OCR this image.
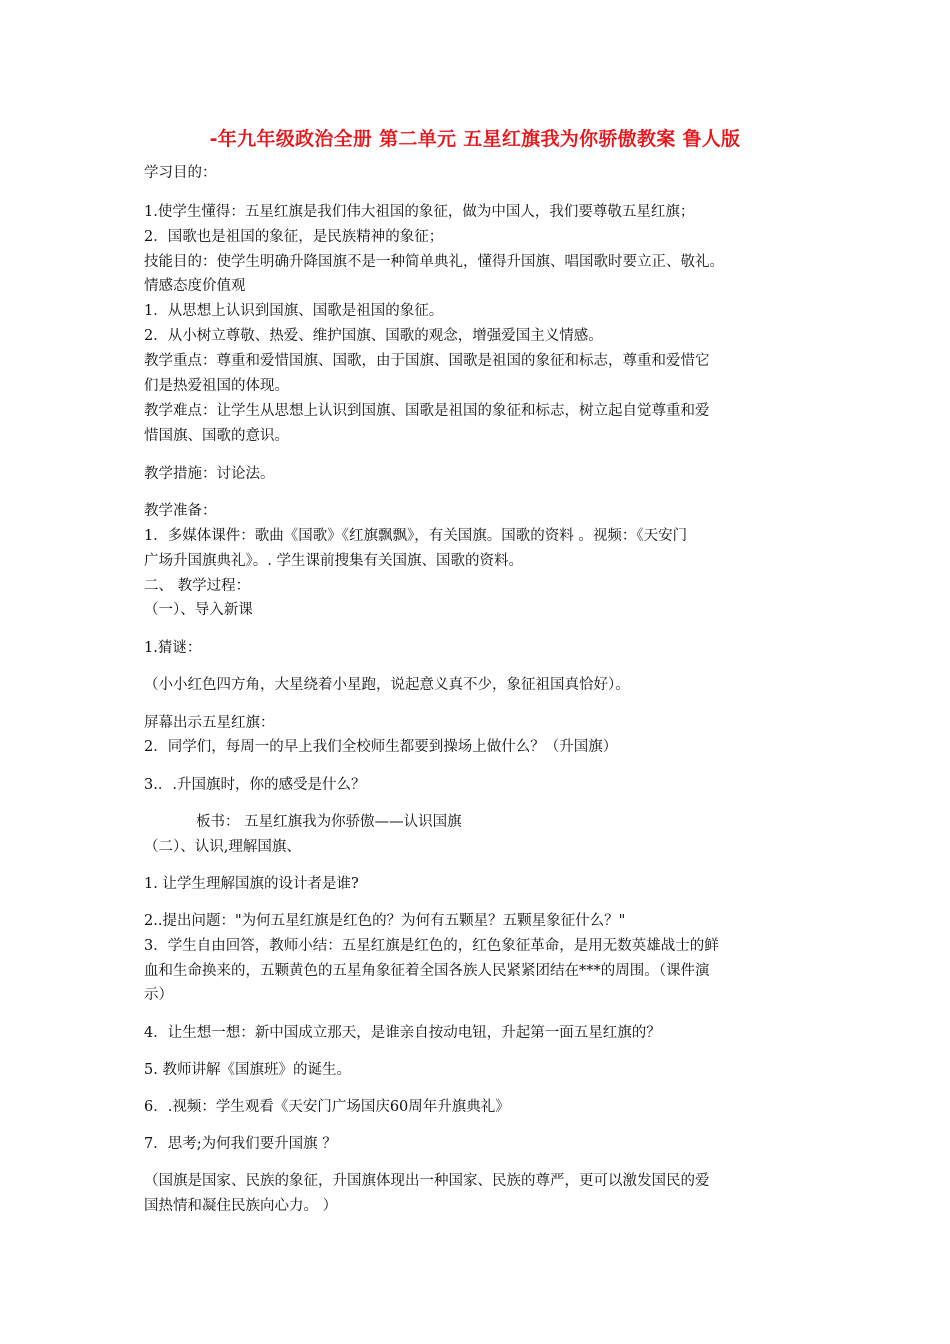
-年九年级政治全册 第二单元 五星红旗我为你骄傲教案 鲁人版
学习目的：
1.使学生懂得：五星红旗是我们伟大祖国的象征，做为中国人，我们要尊敬五星红旗；
2．国歌也是祖国的象征，是民族精神的象征；
技能目的：使学生明确升降国旗不是一种简单典礼，懂得升国旗、唱国歌时要立正、敬礼。
情感态度价值观
1．从思想上认识到国旗、国歌是祖国的象征。
2．从小树立尊敬、热爱、维护国旗、国歌的观念，增强爱国主义情感。
教学重点：尊重和爱惜国旗、国歌，由于国旗、国歌是祖国的象征和标志，尊重和爱惜它
们是热爱祖国的体现。
教学难点：让学生从思想上认识到国旗、国歌是祖国的象征和标志，树立起自觉尊重和爱
惜国旗、国歌的意识。
教学措施：讨论法。
教学准备：
1．多媒体课件：歌曲《国歌》《红旗飘飘》，有关国旗。国歌的资料 。视频：《天安门
广场升国旗典礼》。. 学生课前搜集有关国旗、国歌的资料。
二、 教学过程：
（一）、导入新课
1.猜谜：
（小小红色四方角，大星绕着小星跑，说起意义真不少，象征祖国真恰好）。
屏幕出示五星红旗：
2．同学们，每周一的早上我们全校师生都要到操场上做什么？（升国旗）
3.．.升国旗时，你的感受是什么？
板书： 五星红旗我为你骄傲——认识国旗
（二）、认识,理解国旗、
1. 让学生理解国旗的设计者是谁?
2..提出问题："为何五星红旗是红色的？为何有五颗星？五颗星象征什么？"
3．学生自由回答，教师小结：五星红旗是红色的，红色象征革命，是用无数英雄战士的鲜
血和生命换来的，五颗黄色的五星角象征着全国各族人民紧紧团结在***的周围。（课件演
示）
4．让生想一想：新中国成立那天，是谁亲自按动电钮，升起第一面五星红旗的？
5. 教师讲解《国旗班》的诞生。
6．.视频：学生观看《天安门广场国庆60周年升旗典礼》
7．思考;为何我们要升国旗 ？
（国旗是国家、民族的象征，升国旗体现出一种国家、民族的尊严，更可以激发国民的爱
国热情和凝住民族向心力。 ）
